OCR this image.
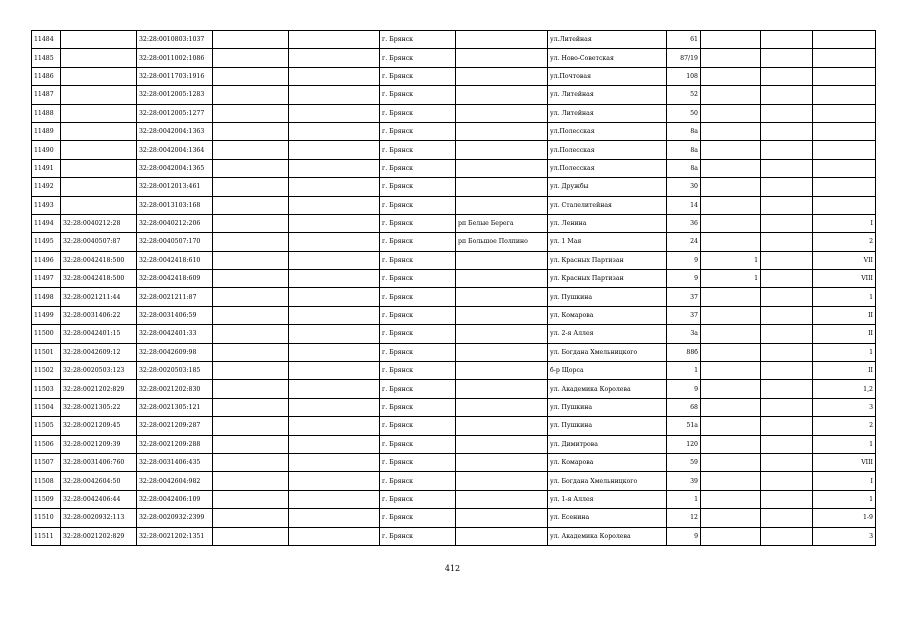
11484		32:28:0010803:1037			г. Брянск		ул.Литейная	61			
11485		32:28:0011002:1086			г. Брянск		ул. Ново-Советская	87/19			
11486		32:28:0011703:1916			г. Брянск		ул.Почтовая	108			
11487		32:28:0012005:1283			г. Брянск		ул. Литейная	52			
11488		32:28:0012005:1277			г. Брянск		ул. Литейная	50			
11489		32:28:0042004:1363			г. Брянск		ул.Полесская	8а			
11490		32:28:0042004:1364			г. Брянск		ул.Полесская	8а			
11491		32:28:0042004:1365			г. Брянск		ул.Полесская	8а			
11492		32:28:0012013:461			г. Брянск		ул. Дружбы	30			
11493		32:28:0013103:168			г. Брянск		ул. Сталелитейная	14			
11494	32:28:0040212:28	32:28:0040212:206			г. Брянск	рп Белые Берега	ул. Ленина	36			I
11495	32:28:0040507:87	32:28:0040507:170			г. Брянск	рп Большое Полпино	ул. 1 Мая	24			2
11496	32:28:0042418:500	32:28:0042418:610			г. Брянск		ул. Красных Партизан	9	1		VII
11497	32:28:0042418:500	32:28:0042418:609			г. Брянск		ул. Красных Партизан	9	1		VIII
11498	32:28:0021211:44	32:28:0021211:87			г. Брянск		ул. Пушкина	37			1
11499	32:28:0031406:22	32:28:0031406:59			г. Брянск		ул. Комарова	37			II
11500	32:28:0042401:15	32:28:0042401:33			г. Брянск		ул. 2-я Аллея	3а			II
11501	32:28:0042609:12	32:28:0042609:98			г. Брянск		ул. Богдана Хмельницкого	88б			1
11502	32:28:0020503:123	32:28:0020503:185			г. Брянск		б-р Щорса	1			II
11503	32:28:0021202:829	32:28:0021202:830			г. Брянск		ул. Академика Королева	9			1,2
11504	32:28:0021305:22	32:28:0021305:121			г. Брянск		ул. Пушкина	68			3
11505	32:28:0021209:45	32:28:0021209:287			г. Брянск		ул. Пушкина	51а			2
11506	32:28:0021209:39	32:28:0021209:288			г. Брянск		ул. Димитрова	120			1
11507	32:28:0031406:760	32:28:0031406:435			г. Брянск		ул. Комарова	59			VIII
11508	32:28:0042604:50	32:28:0042604:982			г. Брянск		ул. Богдана Хмельницкого	39			I
11509	32:28:0042406:44	32:28:0042406:109			г. Брянск		ул. 1-я Аллея	1			1
11510	32:28:0020932:113	32:28:0020932:2399			г. Брянск		ул. Есенина	12			1-9
11511	32:28:0021202:829	32:28:0021202:1351			г. Брянск		ул. Академика Королева	9			3
412
